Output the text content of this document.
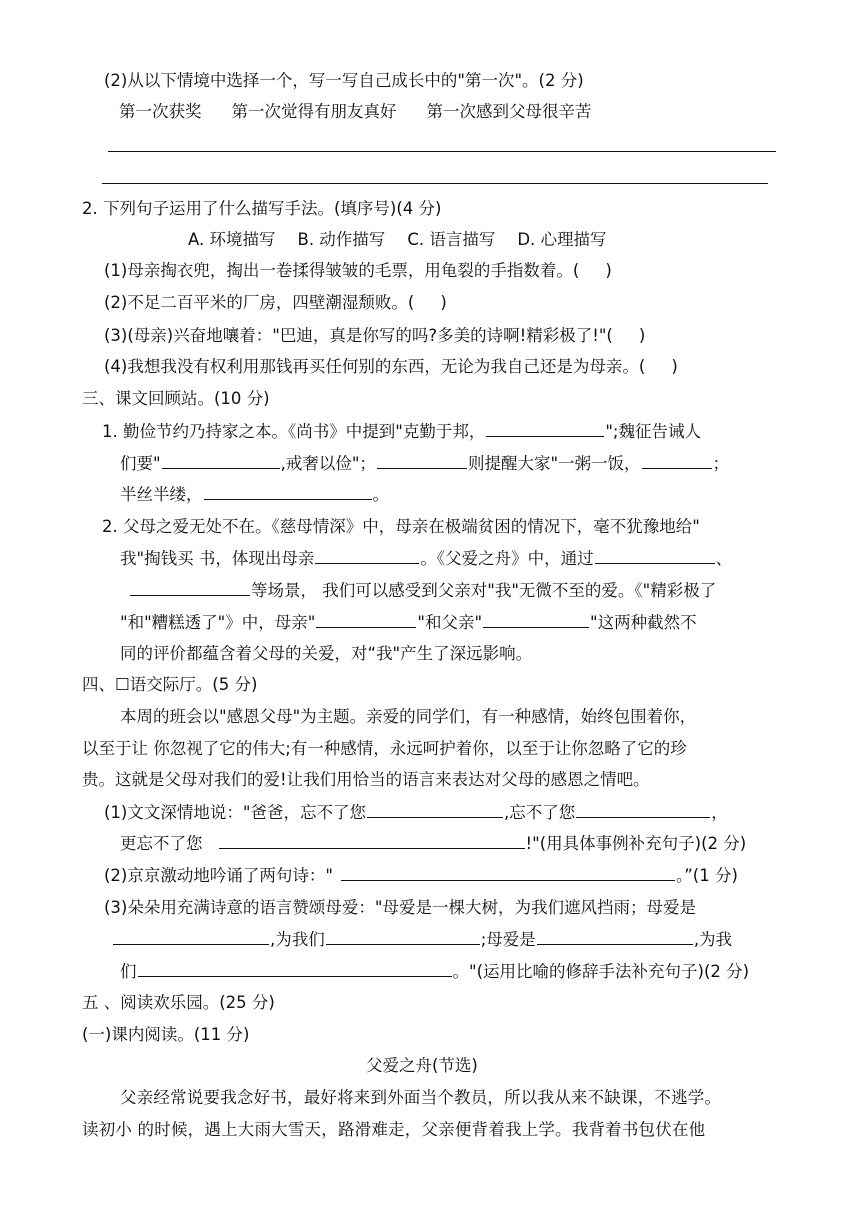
(2)从以下情境中选择一个，写一写自己成长中的"第一次"。(2 分)
第一次获奖 第一次觉得有朋友真好 第一次感到父母很辛苦
2. 下列句子运用了什么描写手法。(填序号)(4 分)
A. 环境描写 B. 动作描写 C. 语言描写 D. 心理描写
(1)母亲掏衣兜，掏出一卷揉得皱皱的毛票，用龟裂的手指数着。( )
(2)不足二百平米的厂房，四壁潮湿颓败。( )
(3)(母亲)兴奋地嚷着："巴迪，真是你写的吗?多美的诗啊!精彩极了!"( )
(4)我想我没有权利用那钱再买任何别的东西，无论为我自己还是为母亲。( )
三、课文回顾站。(10 分)
1. 勤俭节约乃持家之本。《尚书》中提到"克勤于邦，	";魏征告诫人
们要"	,戒奢以俭"；	则提醒大家"一粥一饭，	；
半丝半缕，	。
2. 父母之爱无处不在。《慈母情深》中，母亲在极端贫困的情况下，毫不犹豫地给"
我"掏钱买 书，体现出母亲	。《父爱之舟》中，通过	、
等场景， 我们可以感受到父亲对"我"无微不至的爱。《"精彩极了
"和"糟糕透了"》中，母亲"	"和父亲"	"这两种截然不
同的评价都蕴含着父母的关爱，对“我"产生了深远影响。
四、☐语交际厅。(5 分)
本周的班会以"感恩父母"为主题。亲爱的同学们，有一种感情，始终包围着你，
以至于让 你忽视了它的伟大;有一种感情，永远呵护着你，以至于让你忽略了它的珍
贵。这就是父母对我们的爱!让我们用恰当的语言来表达对父母的感恩之情吧。
(1)文文深情地说："爸爸，忘不了您	,忘不了您	，
更忘不了您	!"(用具体事例补充句子)(2 分)
(2)京京激动地吟诵了两句诗："	。”(1 分)
(3)朵朵用充满诗意的语言赞颂母爱："母爱是一棵大树，为我们遮风挡雨；母爱是
,为我们	;母爱是	,为我
们	。"(运用比喻的修辞手法补充句子)(2 分)
五 、阅读欢乐园。(25 分)
(一)课内阅读。(11 分)
父爱之舟(节选)
父亲经常说要我念好书，最好将来到外面当个教员，所以我从来不缺课，不逃学。
读初小 的时候，遇上大雨大雪天，路滑难走，父亲便背着我上学。我背着书包伏在他
